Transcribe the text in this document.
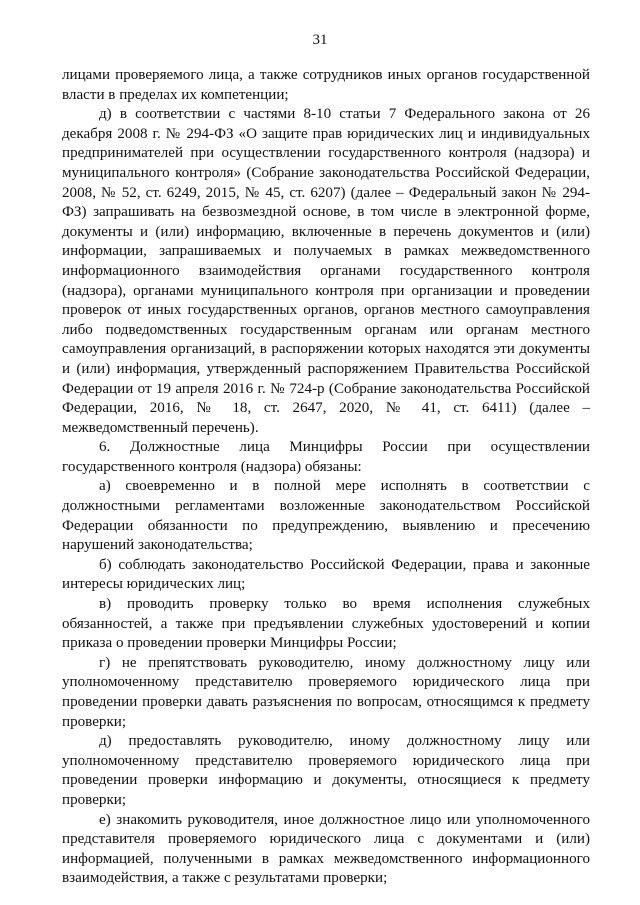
31

лицами проверяемого лица, а также сотрудников иных органов государственной власти в пределах их компетенции;

д) в соответствии с частями 8-10 статьи 7 Федерального закона от 26 декабря 2008 г. № 294-ФЗ «О защите прав юридических лиц и индивидуальных предпринимателей при осуществлении государственного контроля (надзора) и муниципального контроля» (Собрание законодательства Российской Федерации, 2008, № 52, ст. 6249, 2015, № 45, ст. 6207) (далее – Федеральный закон № 294-ФЗ) запрашивать на безвозмездной основе, в том числе в электронной форме, документы и (или) информацию, включенные в перечень документов и (или) информации, запрашиваемых и получаемых в рамках межведомственного информационного взаимодействия органами государственного контроля (надзора), органами муниципального контроля при организации и проведении проверок от иных государственных органов, органов местного самоуправления либо подведомственных государственным органам или органам местного самоуправления организаций, в распоряжении которых находятся эти документы и (или) информация, утвержденный распоряжением Правительства Российской Федерации от 19 апреля 2016 г. № 724-р (Собрание законодательства Российской Федерации, 2016, № 18, ст. 2647, 2020, № 41, ст. 6411) (далее – межведомственный перечень).

6. Должностные лица Минцифры России при осуществлении государственного контроля (надзора) обязаны:

а) своевременно и в полной мере исполнять в соответствии с должностными регламентами возложенные законодательством Российской Федерации обязанности по предупреждению, выявлению и пресечению нарушений законодательства;

б) соблюдать законодательство Российской Федерации, права и законные интересы юридических лиц;

в) проводить проверку только во время исполнения служебных обязанностей, а также при предъявлении служебных удостоверений и копии приказа о проведении проверки Минцифры России;

г) не препятствовать руководителю, иному должностному лицу или уполномоченному представителю проверяемого юридического лица при проведении проверки давать разъяснения по вопросам, относящимся к предмету проверки;

д) предоставлять руководителю, иному должностному лицу или уполномоченному представителю проверяемого юридического лица при проведении проверки информацию и документы, относящиеся к предмету проверки;

е) знакомить руководителя, иное должностное лицо или уполномоченного представителя проверяемого юридического лица с документами и (или) информацией, полученными в рамках межведомственного информационного взаимодействия, а также с результатами проверки;
